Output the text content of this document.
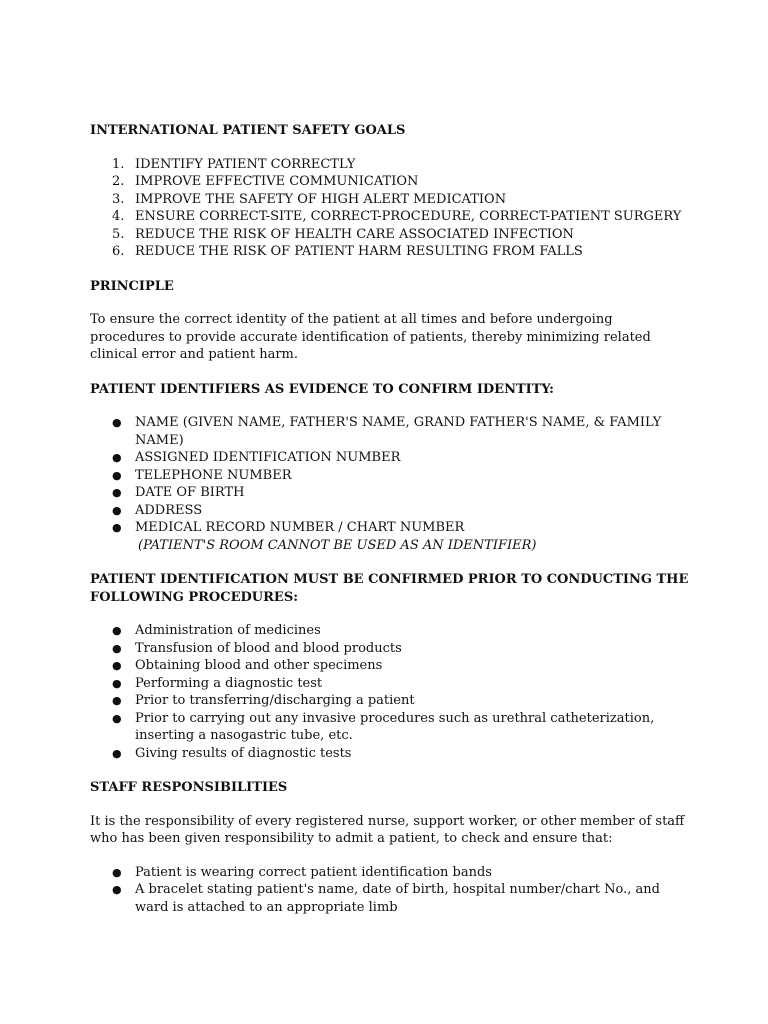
INTERNATIONAL PATIENT SAFETY GOALS

1. IDENTIFY PATIENT CORRECTLY
2. IMPROVE EFFECTIVE COMMUNICATION
3. IMPROVE THE SAFETY OF HIGH ALERT MEDICATION
4. ENSURE CORRECT-SITE, CORRECT-PROCEDURE, CORRECT-PATIENT SURGERY
5. REDUCE THE RISK OF HEALTH CARE ASSOCIATED INFECTION
6. REDUCE THE RISK OF PATIENT HARM RESULTING FROM FALLS

PRINCIPLE

To ensure the correct identity of the patient at all times and before undergoing procedures to provide accurate identification of patients, thereby minimizing related clinical error and patient harm.

PATIENT IDENTIFIERS AS EVIDENCE TO CONFIRM IDENTITY:

● NAME (GIVEN NAME, FATHER'S NAME, GRAND FATHER'S NAME, & FAMILY NAME)
● ASSIGNED IDENTIFICATION NUMBER
● TELEPHONE NUMBER
● DATE OF BIRTH
● ADDRESS
● MEDICAL RECORD NUMBER / CHART NUMBER

(PATIENT'S ROOM CANNOT BE USED AS AN IDENTIFIER)

PATIENT IDENTIFICATION MUST BE CONFIRMED PRIOR TO CONDUCTING THE FOLLOWING PROCEDURES:

● Administration of medicines
● Transfusion of blood and blood products
● Obtaining blood and other specimens
● Performing a diagnostic test
● Prior to transferring/discharging a patient
● Prior to carrying out any invasive procedures such as urethral catheterization, inserting a nasogastric tube, etc.
● Giving results of diagnostic tests

STAFF RESPONSIBILITIES

It is the responsibility of every registered nurse, support worker, or other member of staff who has been given responsibility to admit a patient, to check and ensure that:

● Patient is wearing correct patient identification bands
● A bracelet stating patient's name, date of birth, hospital number/chart No., and ward is attached to an appropriate limb
